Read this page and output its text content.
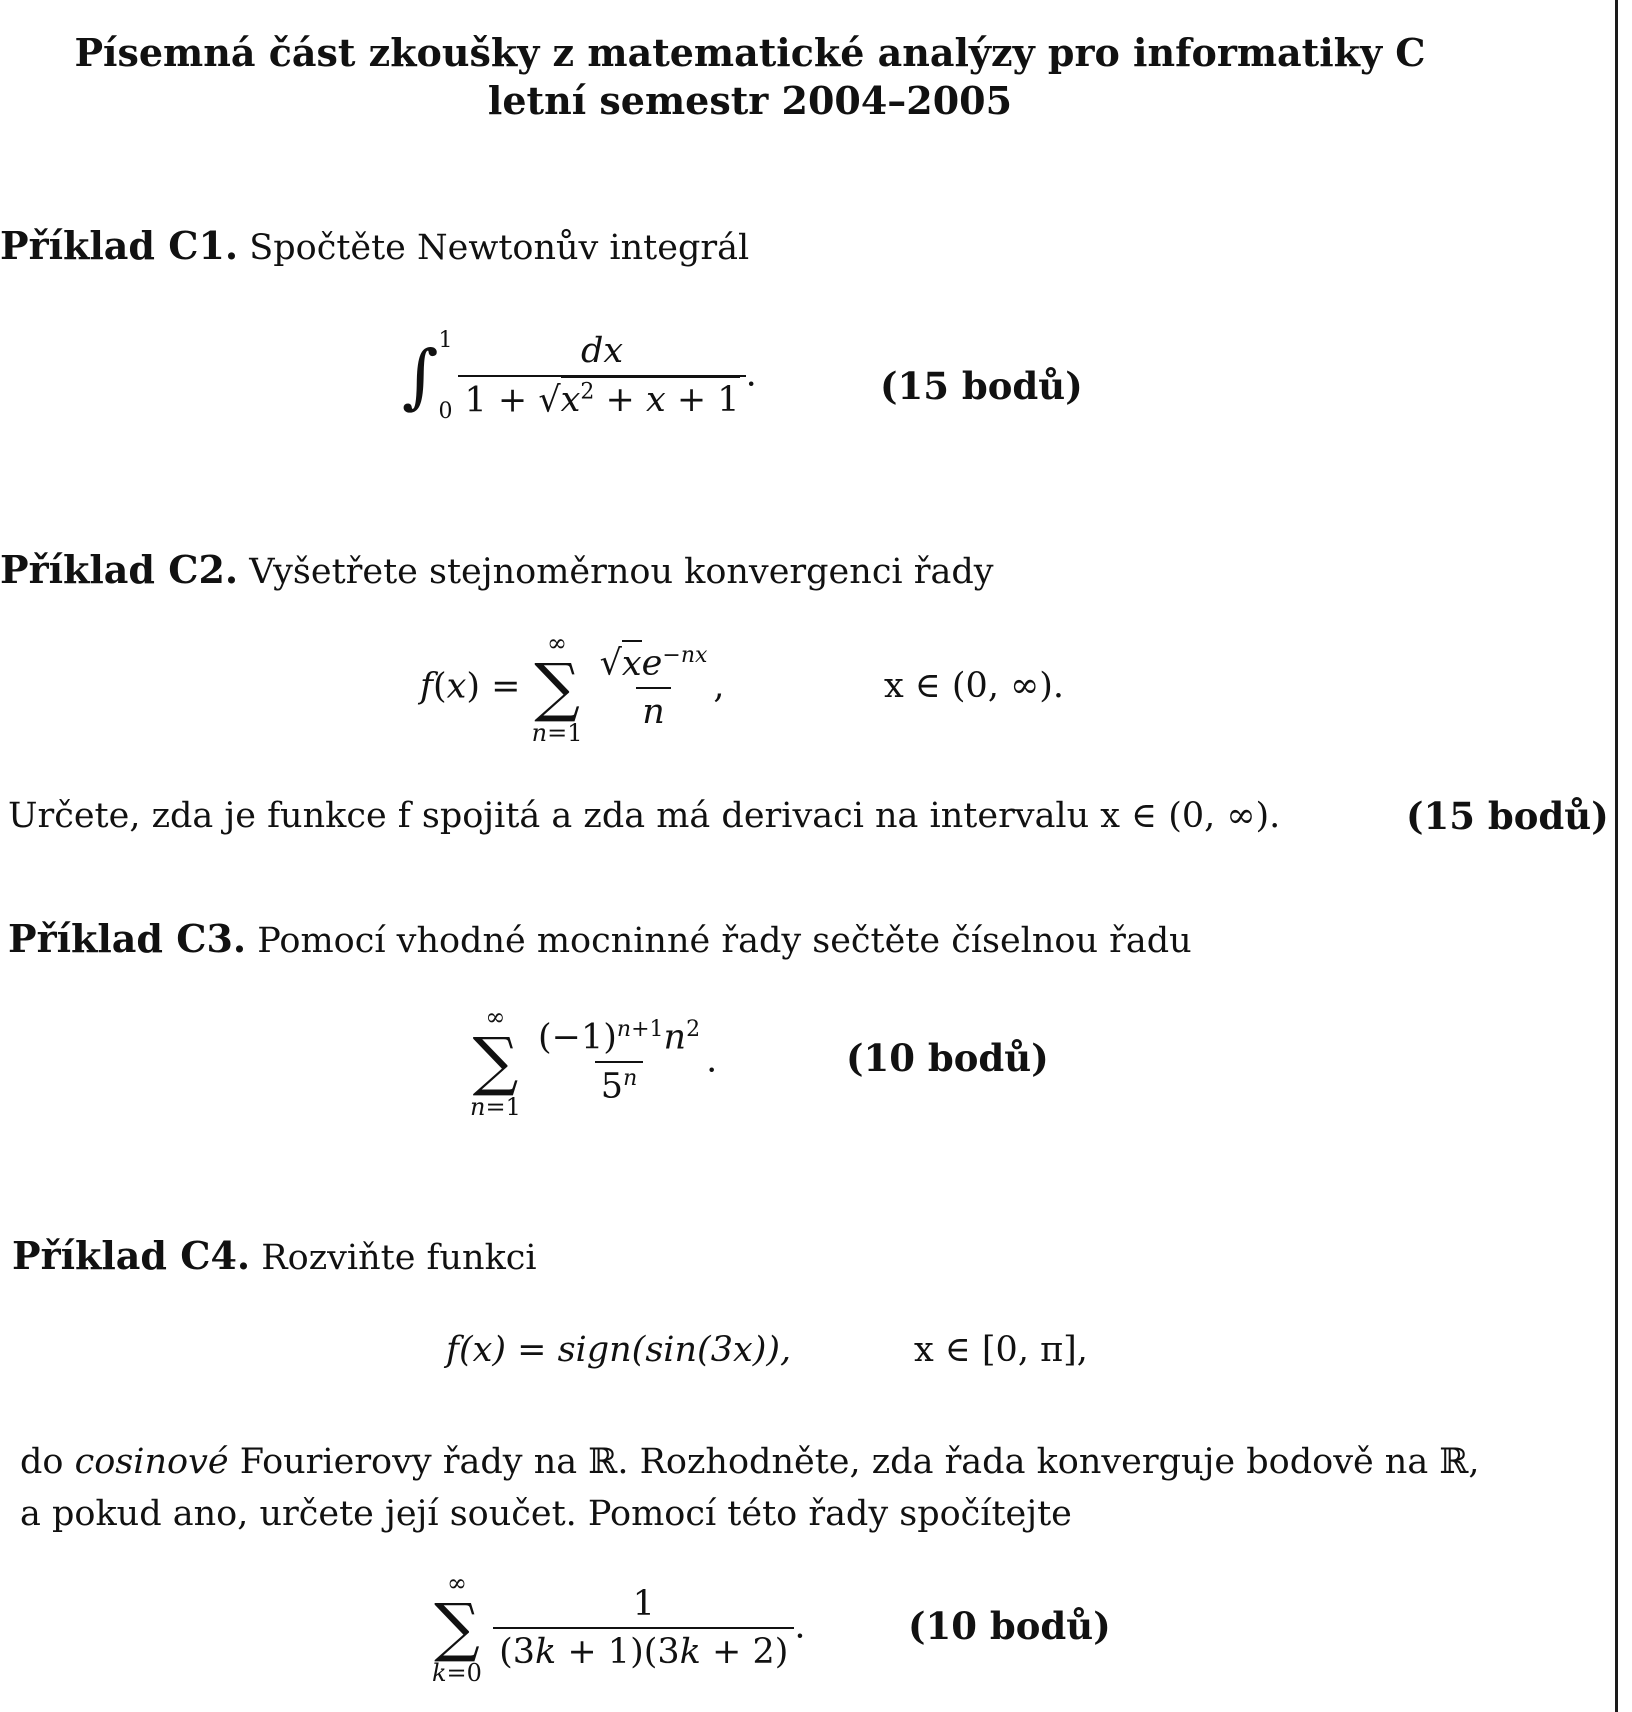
Písemná část zkoušky z matematické analýzy pro informatiky C
letní semestr 2004–2005
Příklad C1. Spočtěte Newtonův integrál
∫ 1
$0 \frac{dx}{1 + √x^2 + x + 1}$ .	(15 bodů)
Příklad C2. Vyšetřete stejnoměrnou konvergenci řady
f(x) =
∞
∑
n=1

$\frac{√xe^{-nx}}{n}$ ,	x ∈ (0, ∞).
Určete, zda je funkce f spojitá a zda má derivaci na intervalu x ∈ (0, ∞).	(15 bodů)
Příklad C3. Pomocí vhodné mocninné řady sečtěte číselnou řadu
∞
∑
n=1

$\frac{(-1)^{n+1}n^2}{5^n}$ .	(10 bodů)
Příklad C4. Rozviňte funkci
f(x) = sign(sin(3x)),	x ∈ [0, π],
do cosinové Fourierovy řady na ℝ. Rozhodněte, zda řada konverguje bodově na ℝ,
a pokud ano, určete její součet. Pomocí této řady spočítejte
∞
∑
k=0

$\frac{1}{(3k + 1)(3k + 2)}$ .	(10 bodů)
